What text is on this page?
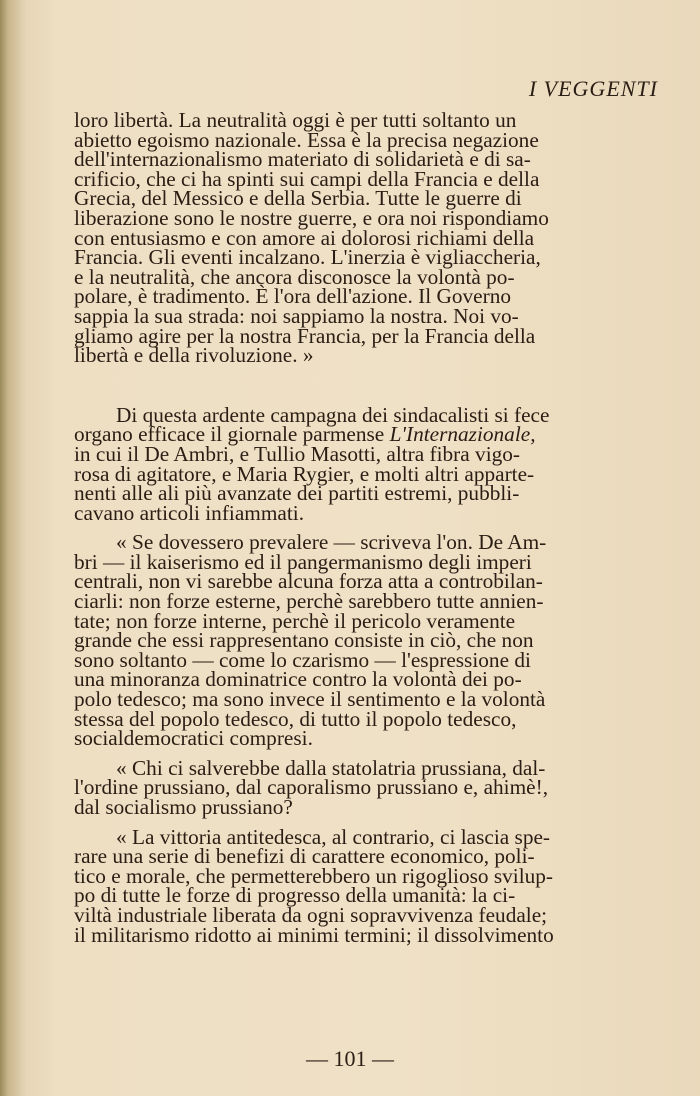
I VEGGENTI
loro libertà. La neutralità oggi è per tutti soltanto un
abietto egoismo nazionale. Essa è la precisa negazione
dell'internazionalismo materiato di solidarietà e di sa-
crificio, che ci ha spinti sui campi della Francia e della
Grecia, del Messico e della Serbia. Tutte le guerre di
liberazione sono le nostre guerre, e ora noi rispondiamo
con entusiasmo e con amore ai dolorosi richiami della
Francia. Gli eventi incalzano. L'inerzia è vigliaccheria,
e la neutralità, che ancora disconosce la volontà po-
polare, è tradimento. È l'ora dell'azione. Il Governo
sappia la sua strada: noi sappiamo la nostra. Noi vo-
gliamo agire per la nostra Francia, per la Francia della
libertà e della rivoluzione. »
Di questa ardente campagna dei sindacalisti si fece
organo efficace il giornale parmense L'Internazionale,
in cui il De Ambri, e Tullio Masotti, altra fibra vigo-
rosa di agitatore, e Maria Rygier, e molti altri apparte-
nenti alle ali più avanzate dei partiti estremi, pubbli-
cavano articoli infiammati.
« Se dovessero prevalere — scriveva l'on. De Am-
bri — il kaiserismo ed il pangermanismo degli imperi
centrali, non vi sarebbe alcuna forza atta a controbilan-
ciarli: non forze esterne, perchè sarebbero tutte annien-
tate; non forze interne, perchè il pericolo veramente
grande che essi rappresentano consiste in ciò, che non
sono soltanto — come lo czarismo — l'espressione di
una minoranza dominatrice contro la volontà dei po-
polo tedesco; ma sono invece il sentimento e la volontà
stessa del popolo tedesco, di tutto il popolo tedesco,
socialdemocratici compresi.
« Chi ci salverebbe dalla statolatria prussiana, dal-
l'ordine prussiano, dal caporalismo prussiano e, ahimè!,
dal socialismo prussiano?
« La vittoria antitedesca, al contrario, ci lascia spe-
rare una serie di benefizi di carattere economico, poli-
tico e morale, che permetterebbero un rigoglioso svilup-
po di tutte le forze di progresso della umanità: la ci-
viltà industriale liberata da ogni sopravvivenza feudale;
il militarismo ridotto ai minimi termini; il dissolvimento
— 101 —
